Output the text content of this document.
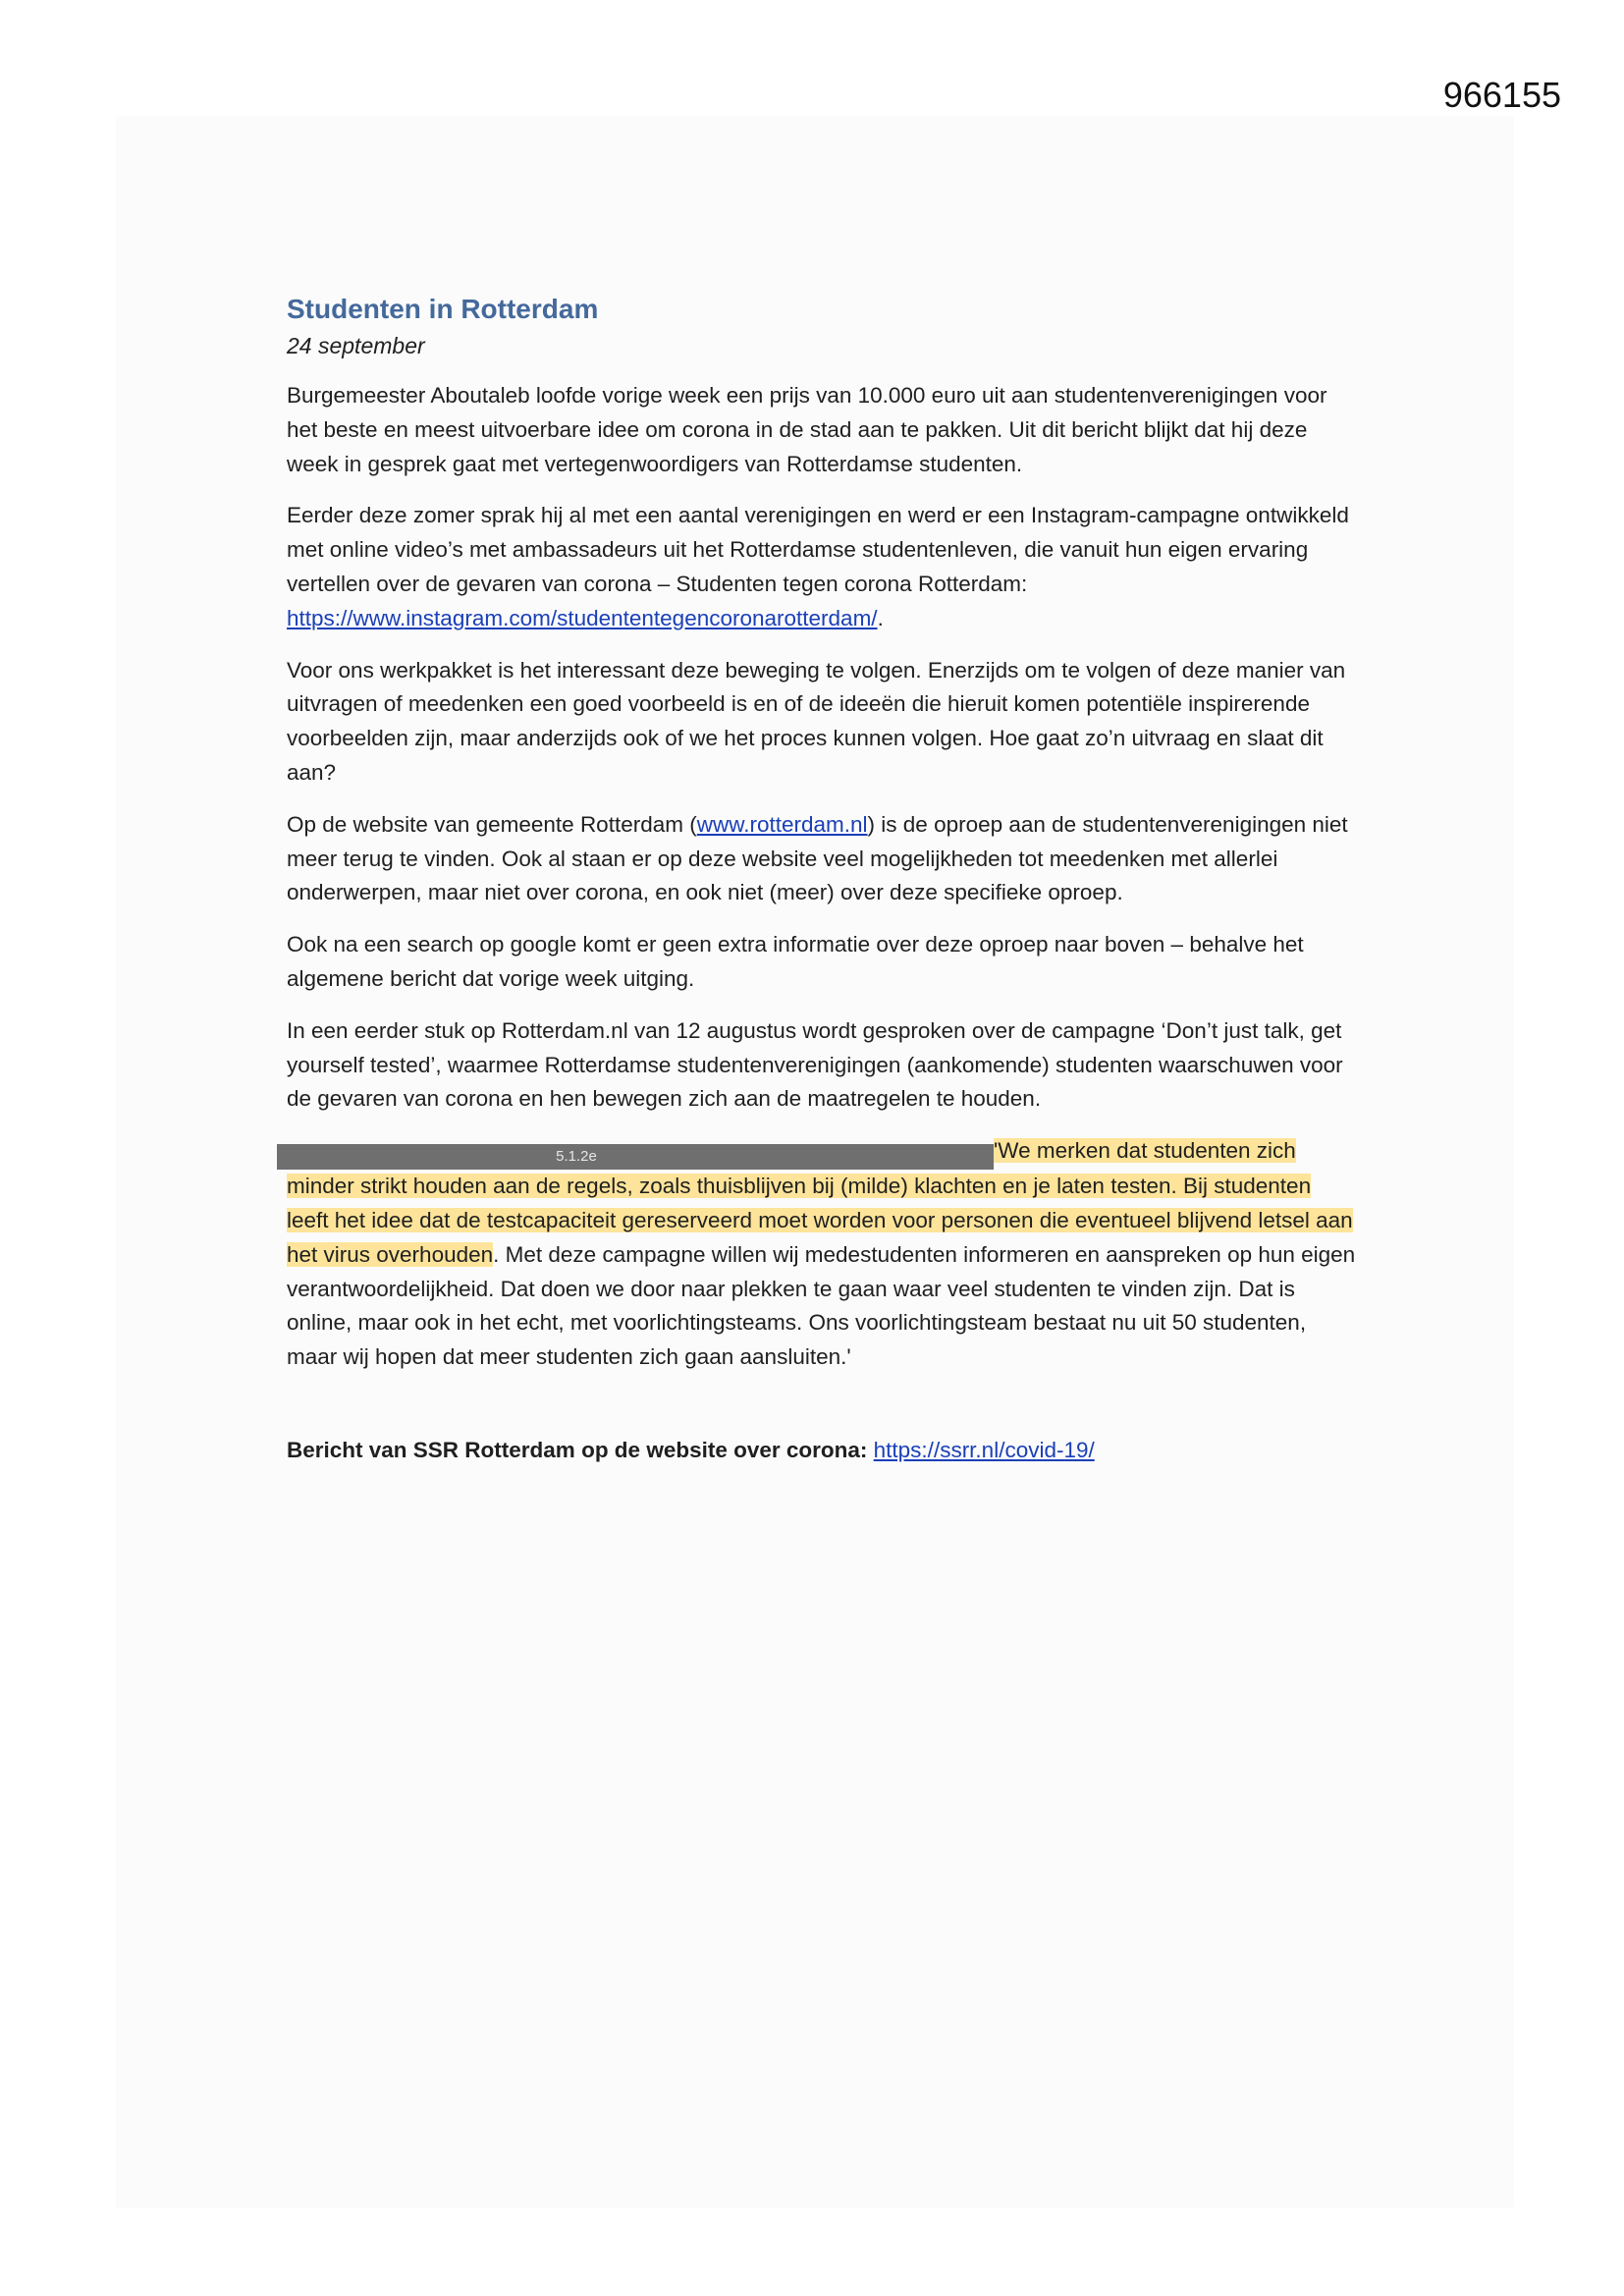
966155
Studenten in Rotterdam
24 september

Burgemeester Aboutaleb loofde vorige week een prijs van 10.000 euro uit aan studentenverenigingen voor het beste en meest uitvoerbare idee om corona in de stad aan te pakken. Uit dit bericht blijkt dat hij deze week in gesprek gaat met vertegenwoordigers van Rotterdamse studenten.

Eerder deze zomer sprak hij al met een aantal verenigingen en werd er een Instagram-campagne ontwikkeld met online video’s met ambassadeurs uit het Rotterdamse studentenleven, die vanuit hun eigen ervaring vertellen over de gevaren van corona – Studenten tegen corona Rotterdam: https://www.instagram.com/studententegencoronarotterdam/.

Voor ons werkpakket is het interessant deze beweging te volgen. Enerzijds om te volgen of deze manier van uitvragen of meedenken een goed voorbeeld is en of de ideeën die hieruit komen potentiële inspirerende voorbeelden zijn, maar anderzijds ook of we het proces kunnen volgen. Hoe gaat zo’n uitvraag en slaat dit aan?

Op de website van gemeente Rotterdam (www.rotterdam.nl) is de oproep aan de studentenverenigingen niet meer terug te vinden. Ook al staan er op deze website veel mogelijkheden tot meedenken met allerlei onderwerpen, maar niet over corona, en ook niet (meer) over deze specifieke oproep.

Ook na een search op google komt er geen extra informatie over deze oproep naar boven – behalve het algemene bericht dat vorige week uitging.

In een eerder stuk op Rotterdam.nl van 12 augustus wordt gesproken over de campagne ‘Don’t just talk, get yourself tested’, waarmee Rotterdamse studentenverenigingen (aankomende) studenten waarschuwen voor de gevaren van corona en hen bewegen zich aan de maatregelen te houden.

5.1.2e	'We merken dat studenten zich minder strikt houden aan de regels, zoals thuisblijven bij (milde) klachten en je laten testen. Bij studenten leeft het idee dat de testcapaciteit gereserveerd moet worden voor personen die eventueel blijvend letsel aan het virus overhouden. Met deze campagne willen wij medestudenten informeren en aanspreken op hun eigen verantwoordelijkheid. Dat doen we door naar plekken te gaan waar veel studenten te vinden zijn. Dat is online, maar ook in het echt, met voorlichtingsteams. Ons voorlichtingsteam bestaat nu uit 50 studenten, maar wij hopen dat meer studenten zich gaan aansluiten.'

Bericht van SSR Rotterdam op de website over corona: https://ssrr.nl/covid-19/
